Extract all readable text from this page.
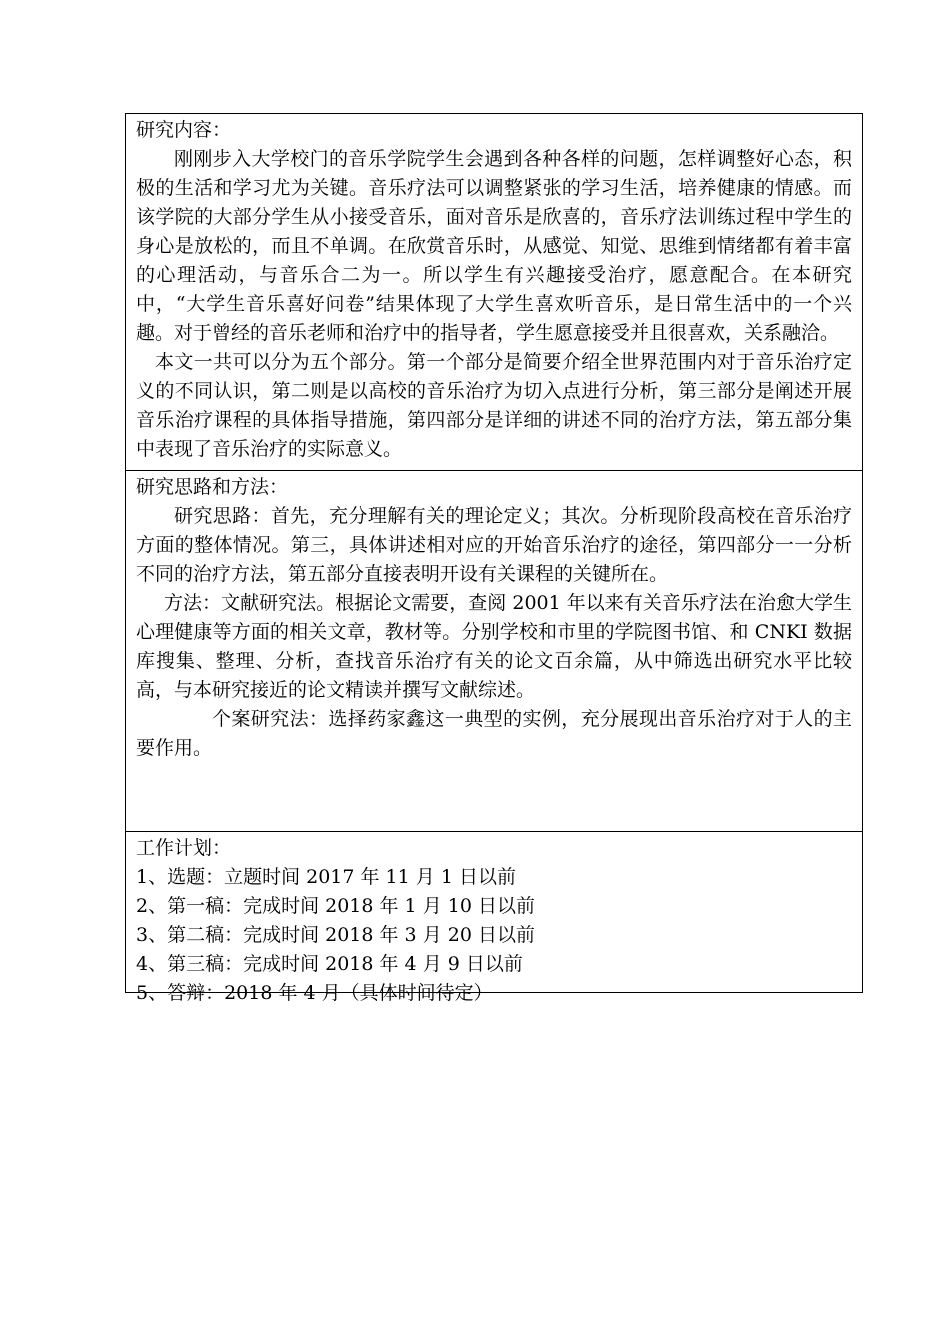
研究内容：

刚刚步入大学校门的音乐学院学生会遇到各种各样的问题，怎样调整好心态，积极的生活和学习尤为关键。音乐疗法可以调整紧张的学习生活，培养健康的情感。而该学院的大部分学生从小接受音乐，面对音乐是欣喜的，音乐疗法训练过程中学生的身心是放松的，而且不单调。在欣赏音乐时，从感觉、知觉、思维到情绪都有着丰富的心理活动，与音乐合二为一。所以学生有兴趣接受治疗，愿意配合。在本研究中，“大学生音乐喜好问卷”结果体现了大学生喜欢听音乐，是日常生活中的一个兴趣。对于曾经的音乐老师和治疗中的指导者，学生愿意接受并且很喜欢，关系融洽。

本文一共可以分为五个部分。第一个部分是简要介绍全世界范围内对于音乐治疗定义的不同认识，第二则是以高校的音乐治疗为切入点进行分析，第三部分是阐述开展音乐治疗课程的具体指导措施，第四部分是详细的讲述不同的治疗方法，第五部分集中表现了音乐治疗的实际意义。

研究思路和方法：

研究思路：首先，充分理解有关的理论定义；其次。分析现阶段高校在音乐治疗方面的整体情况。第三，具体讲述相对应的开始音乐治疗的途径，第四部分一一分析不同的治疗方法，第五部分直接表明开设有关课程的关键所在。

方法：文献研究法。根据论文需要，查阅 2001 年以来有关音乐疗法在治愈大学生心理健康等方面的相关文章，教材等。分别学校和市里的学院图书馆、和 CNKI 数据库搜集、整理、分析，查找音乐治疗有关的论文百余篇，从中筛选出研究水平比较高，与本研究接近的论文精读并撰写文献综述。

个案研究法：选择药家鑫这一典型的实例，充分展现出音乐治疗对于人的主要作用。

工作计划：
1、选题：立题时间 2017 年 11 月 1 日以前
2、第一稿：完成时间 2018 年 1 月 10 日以前
3、第二稿：完成时间 2018 年 3 月 20 日以前
4、第三稿：完成时间 2018 年 4 月 9 日以前
5、答辩：2018 年 4 月（具体时间待定）
